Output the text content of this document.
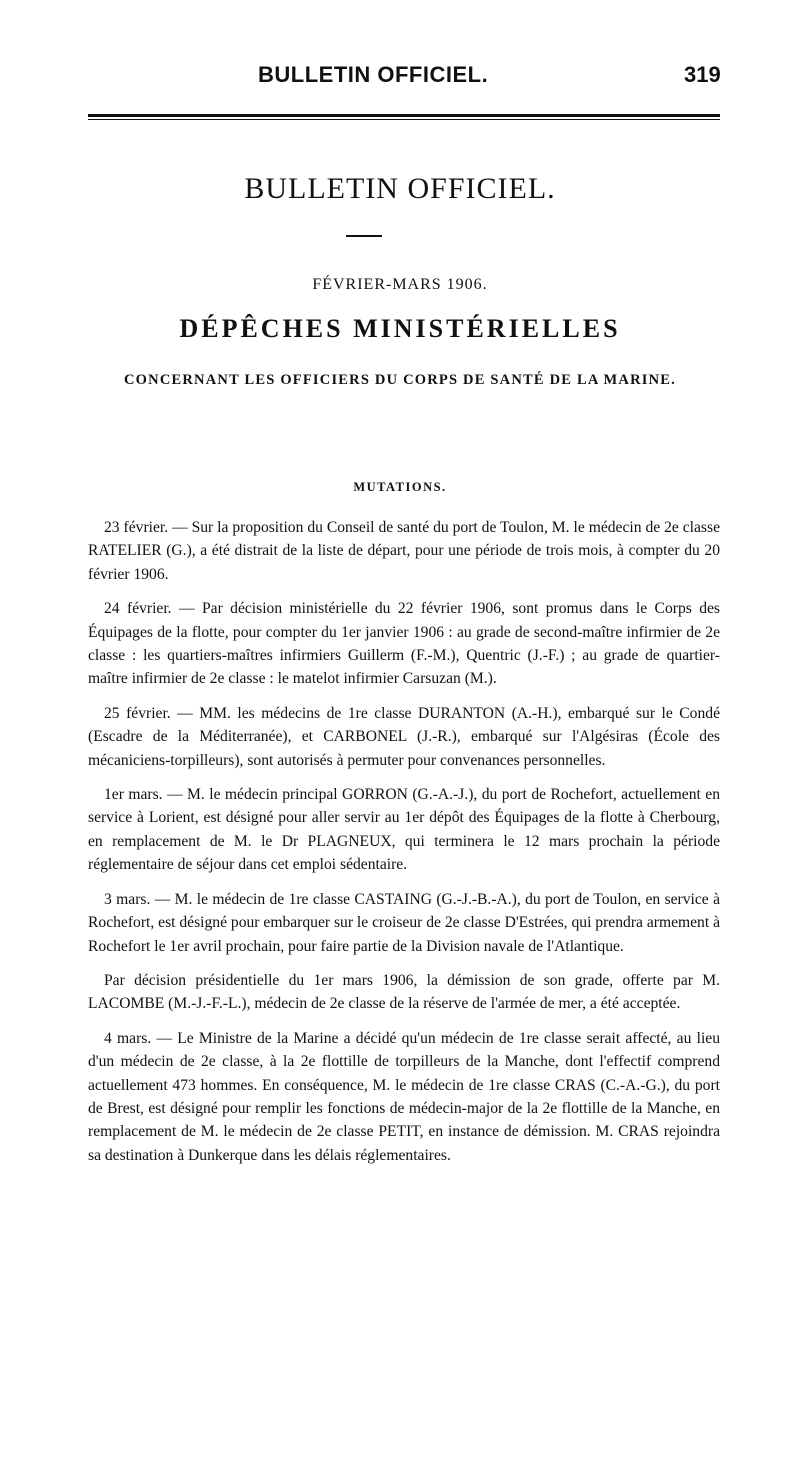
BULLETIN OFFICIEL.	319
BULLETIN OFFICIEL.
FÉVRIER-MARS 1906.
DÉPÊCHES MINISTÉRIELLES
CONCERNANT LES OFFICIERS DU CORPS DE SANTÉ DE LA MARINE.
MUTATIONS.

23 février. — Sur la proposition du Conseil de santé du port de Toulon, M. le médecin de 2e classe RATELIER (G.), a été distrait de la liste de départ, pour une période de trois mois, à compter du 20 février 1906.

24 février. — Par décision ministérielle du 22 février 1906, sont promus dans le Corps des Équipages de la flotte, pour compter du 1er janvier 1906 : au grade de second-maître infirmier de 2e classe : les quartiers-maîtres infirmiers Guillerm (F.-M.), Quentric (J.-F.) ; au grade de quartier-maître infirmier de 2e classe : le matelot infirmier Carsuzan (M.).

25 février. — MM. les médecins de 1re classe DURANTON (A.-H.), embarqué sur le Condé (Escadre de la Méditerranée), et CARBONEL (J.-R.), embarqué sur l'Algésiras (École des mécaniciens-torpilleurs), sont autorisés à permuter pour convenances personnelles.

1er mars. — M. le médecin principal GORRON (G.-A.-J.), du port de Rochefort, actuellement en service à Lorient, est désigné pour aller servir au 1er dépôt des Équipages de la flotte à Cherbourg, en remplacement de M. le Dr PLAGNEUX, qui terminera le 12 mars prochain la période réglementaire de séjour dans cet emploi sédentaire.

3 mars. — M. le médecin de 1re classe CASTAING (G.-J.-B.-A.), du port de Toulon, en service à Rochefort, est désigné pour embarquer sur le croiseur de 2e classe D'Estrées, qui prendra armement à Rochefort le 1er avril prochain, pour faire partie de la Division navale de l'Atlantique.

Par décision présidentielle du 1er mars 1906, la démission de son grade, offerte par M. LACOMBE (M.-J.-F.-L.), médecin de 2e classe de la réserve de l'armée de mer, a été acceptée.

4 mars. — Le Ministre de la Marine a décidé qu'un médecin de 1re classe serait affecté, au lieu d'un médecin de 2e classe, à la 2e flottille de torpilleurs de la Manche, dont l'effectif comprend actuellement 473 hommes. En conséquence, M. le médecin de 1re classe CRAS (C.-A.-G.), du port de Brest, est désigné pour remplir les fonctions de médecin-major de la 2e flottille de la Manche, en remplacement de M. le médecin de 2e classe PETIT, en instance de démission. M. CRAS rejoindra sa destination à Dunkerque dans les délais réglementaires.
